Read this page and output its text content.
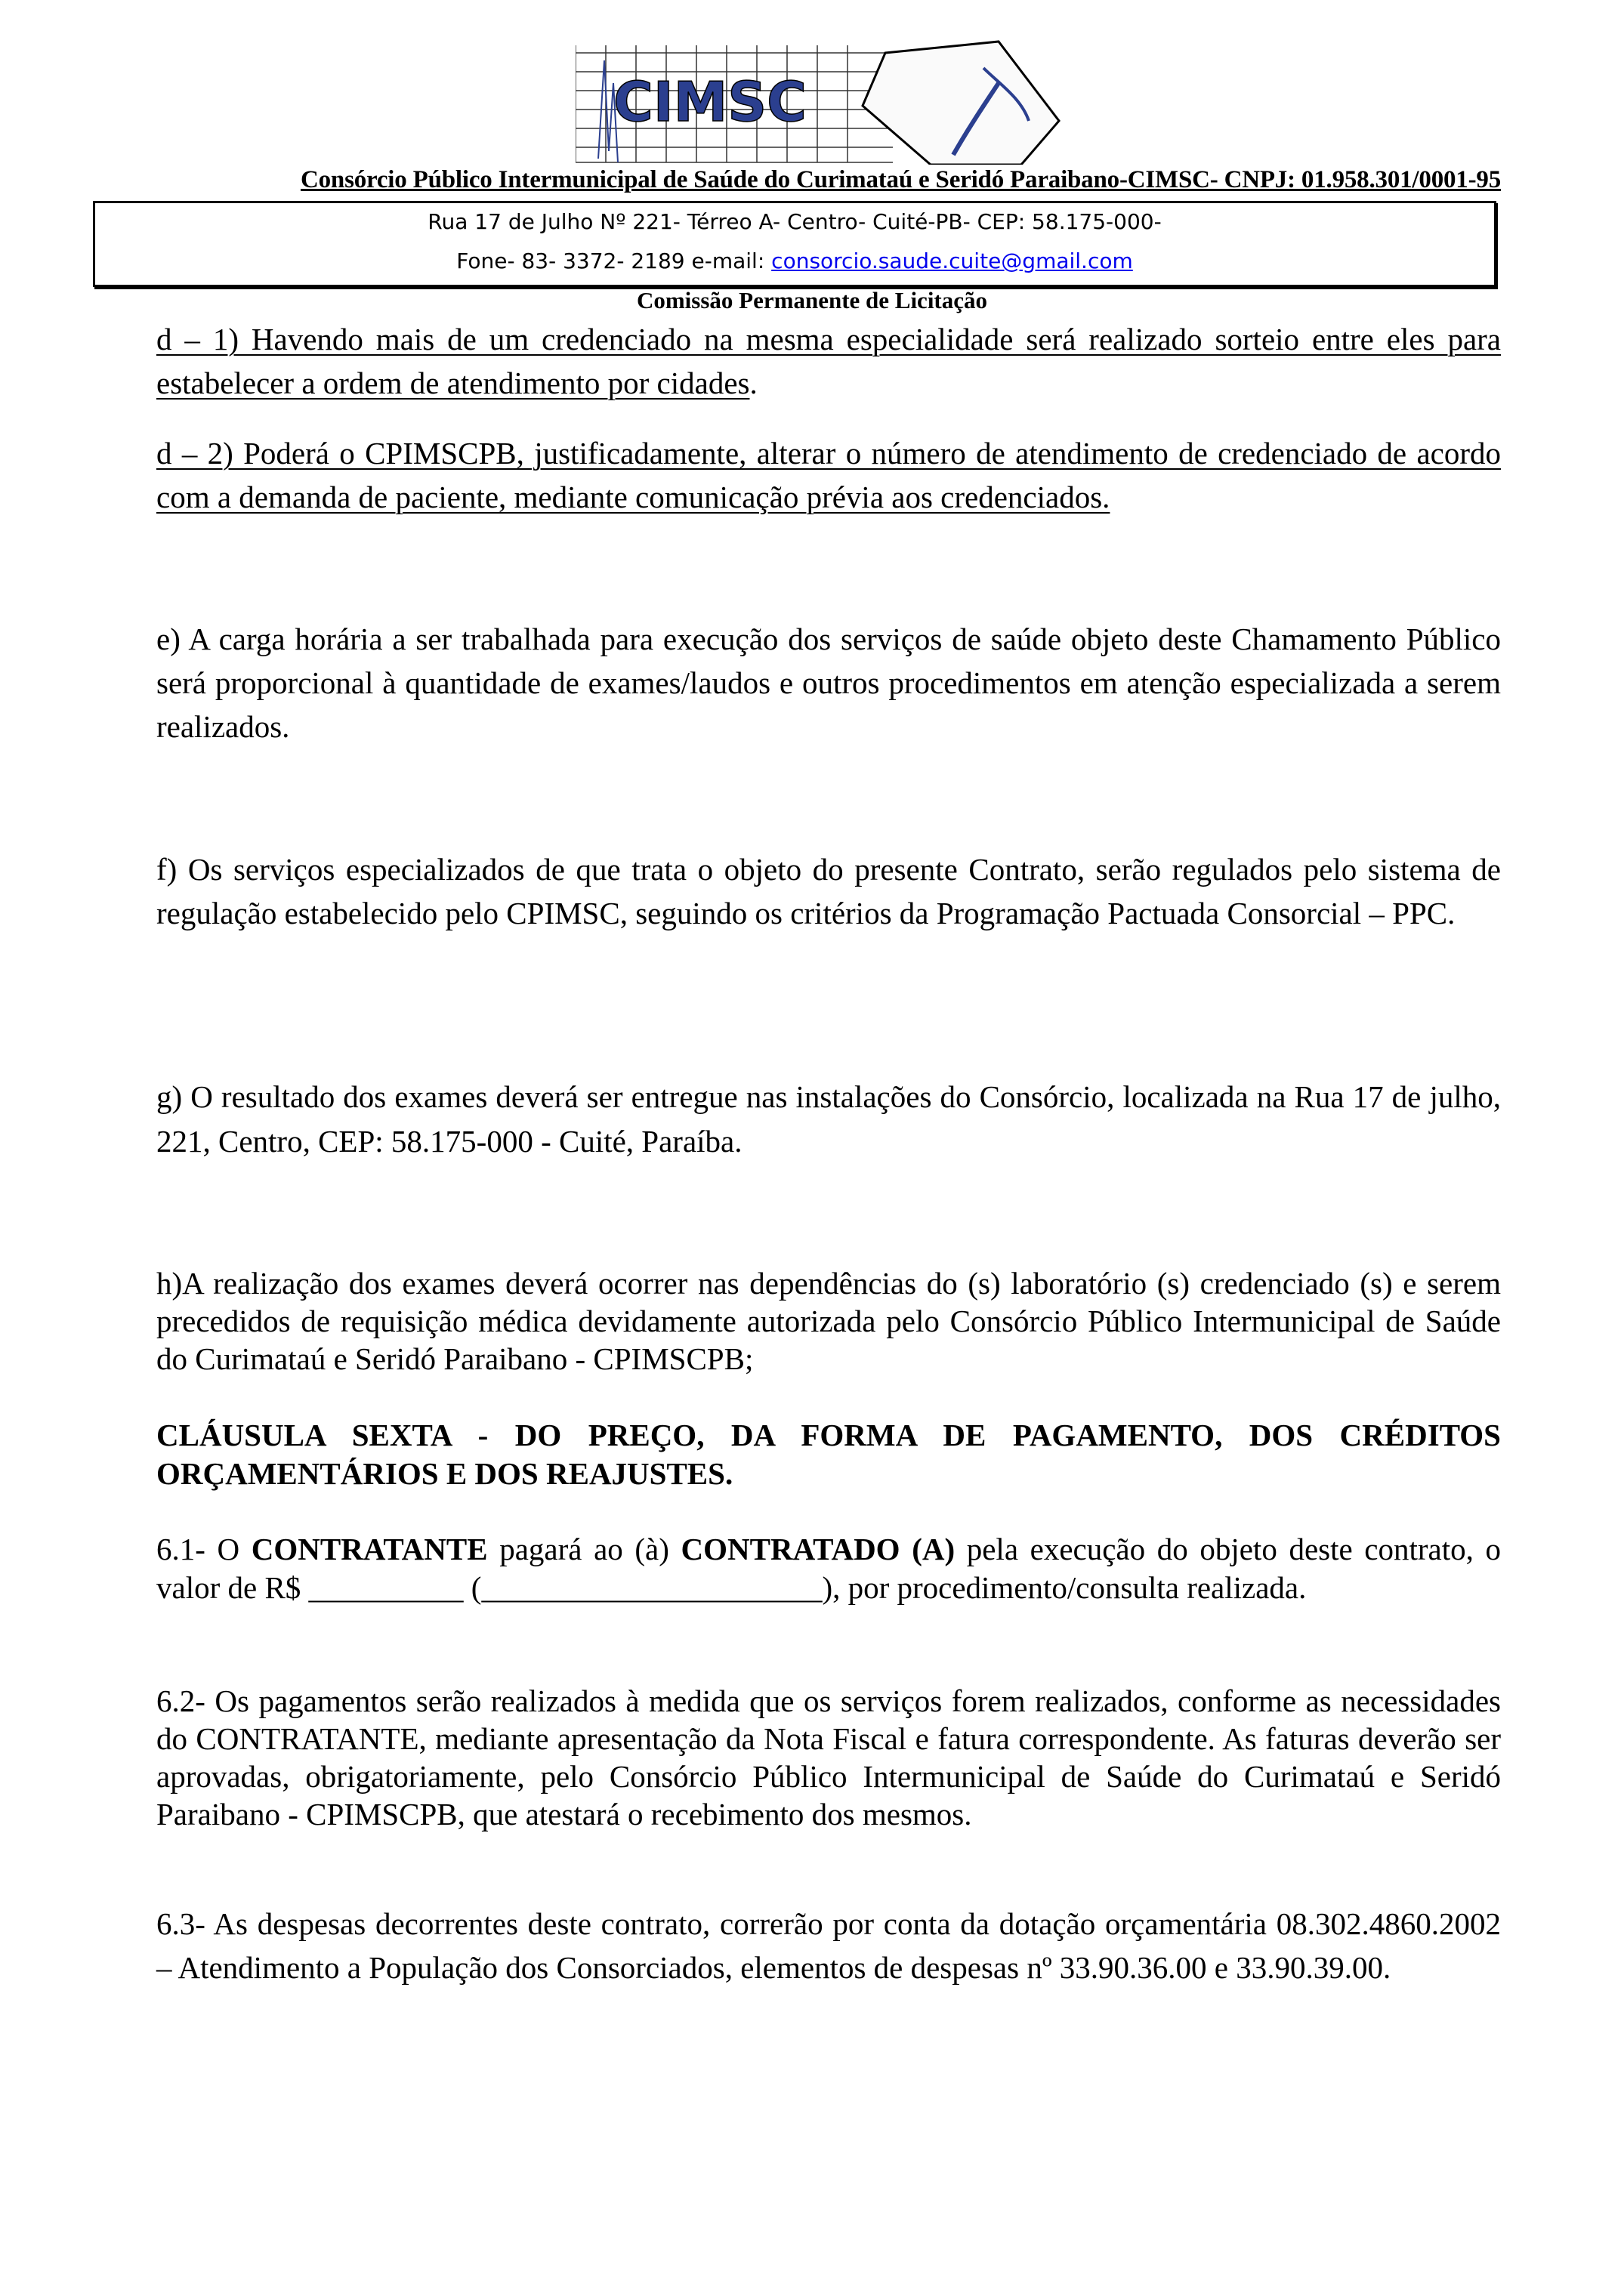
CIMSC
Consórcio Público Intermunicipal de Saúde do Curimataú e Seridó Paraibano-CIMSC- CNPJ: 01.958.301/0001-95
Rua 17 de Julho Nº 221- Térreo A- Centro- Cuité-PB- CEP: 58.175-000-
Fone- 83- 3372- 2189 e-mail: consorcio.saude.cuite@gmail.com
Comissão Permanente de Licitação
d – 1) Havendo mais de um credenciado na mesma especialidade será realizado sorteio entre eles para estabelecer a ordem de atendimento por cidades.
d – 2) Poderá o CPIMSCPB, justificadamente, alterar o número de atendimento de credenciado de acordo com a demanda de paciente, mediante comunicação prévia aos credenciados.
e) A carga horária a ser trabalhada para execução dos serviços de saúde objeto deste Chamamento Público será proporcional à quantidade de exames/laudos e outros procedimentos em atenção especializada a serem realizados.
f) Os serviços especializados de que trata o objeto do presente Contrato, serão regulados pelo sistema de regulação estabelecido pelo CPIMSC, seguindo os critérios da Programação Pactuada Consorcial – PPC.
g) O resultado dos exames deverá ser entregue nas instalações do Consórcio, localizada na Rua 17 de julho, 221, Centro, CEP: 58.175-000 - Cuité, Paraíba.
h)A realização dos exames deverá ocorrer nas dependências do (s) laboratório (s) credenciado (s) e serem precedidos de requisição médica devidamente autorizada pelo Consórcio Público Intermunicipal de Saúde do Curimataú e Seridó Paraibano - CPIMSCPB;
CLÁUSULA SEXTA - DO PREÇO, DA FORMA DE PAGAMENTO, DOS CRÉDITOS ORÇAMENTÁRIOS E DOS REAJUSTES.
6.1- O CONTRATANTE pagará ao (à) CONTRATADO (A) pela execução do objeto deste contrato, o valor de R$ __________ (______________________), por procedimento/consulta realizada.
6.2- Os pagamentos serão realizados à medida que os serviços forem realizados, conforme as necessidades do CONTRATANTE, mediante apresentação da Nota Fiscal e fatura correspondente. As faturas deverão ser aprovadas, obrigatoriamente, pelo Consórcio Público Intermunicipal de Saúde do Curimataú e Seridó Paraibano - CPIMSCPB, que atestará o recebimento dos mesmos.
6.3- As despesas decorrentes deste contrato, correrão por conta da dotação orçamentária 08.302.4860.2002 – Atendimento a População dos Consorciados, elementos de despesas nº 33.90.36.00 e 33.90.39.00.
